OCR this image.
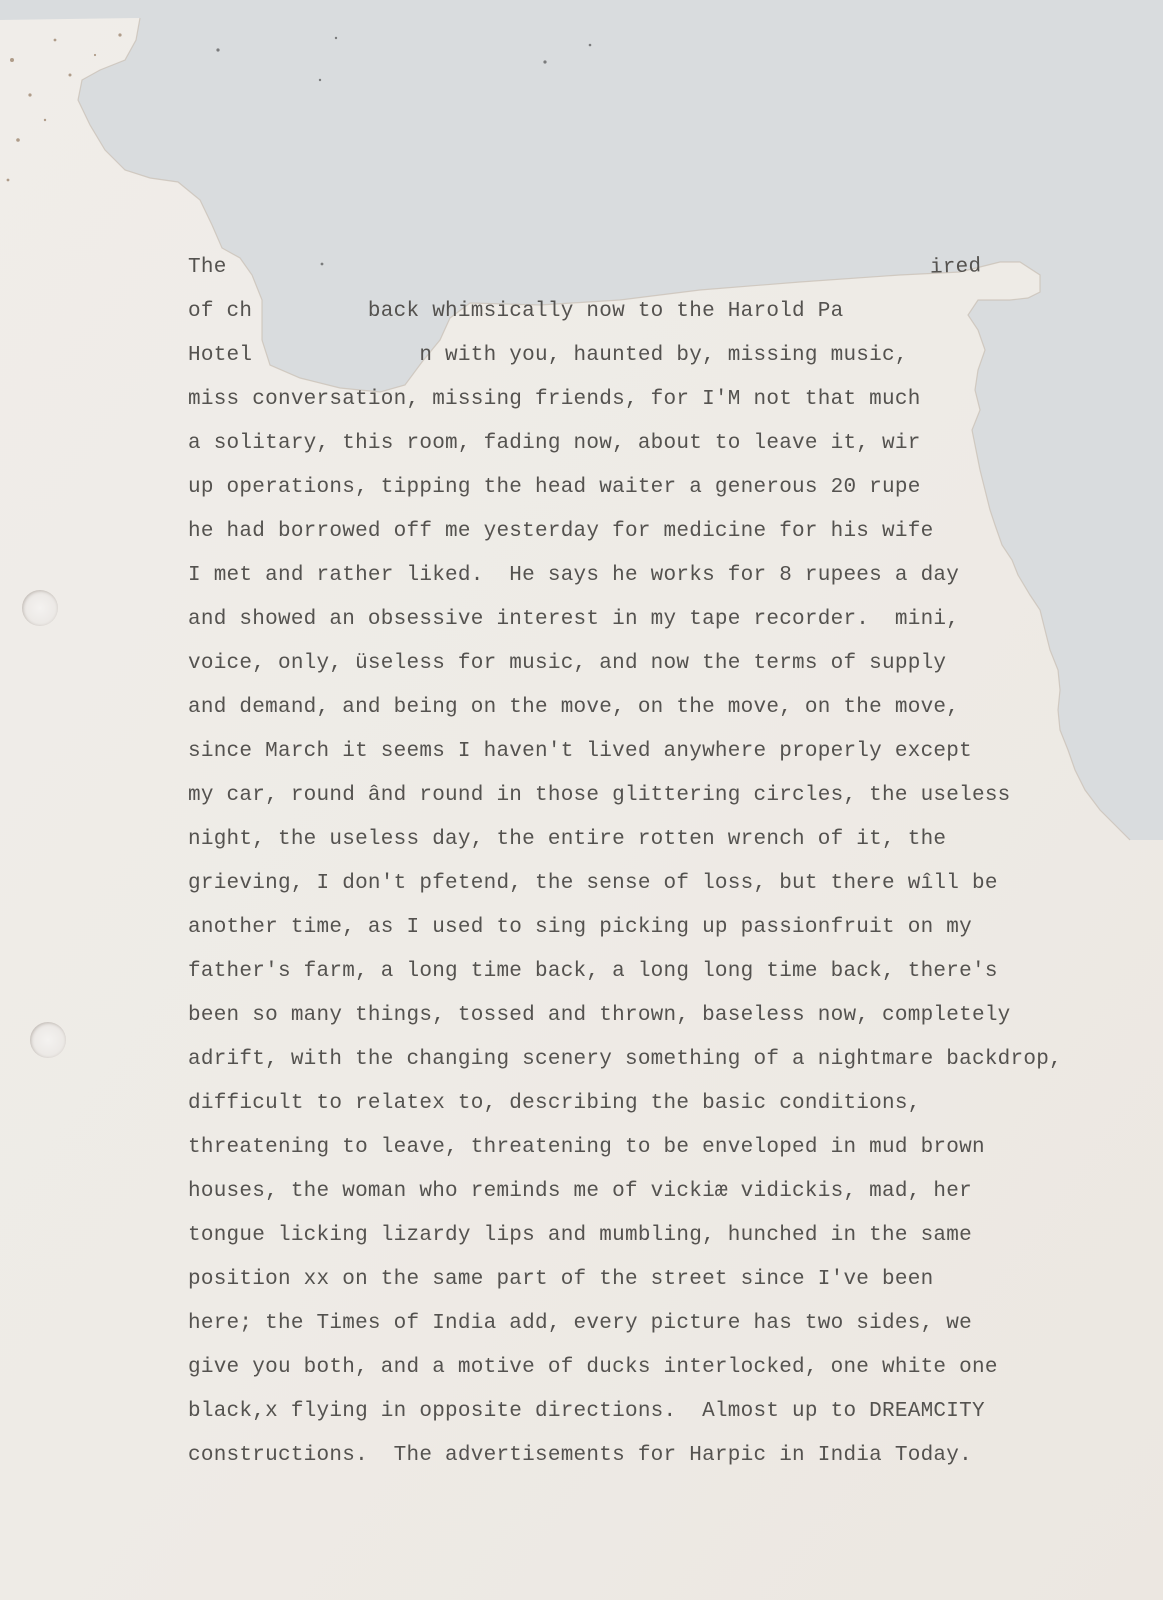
The	ired
of ch         back whimsically now to the Harold Pa
Hotel             n with you, haunted by, missing music,
miss conversation, missing friends, for I'M not that much
a solitary, this room, fading now, about to leave it, wir
up operations, tipping the head waiter a generous 20 rupe
he had borrowed off me yesterday for medicine for his wife
I met and rather liked.  He says he works for 8 rupees a day
and showed an obsessive interest in my tape recorder.  mini,
voice, only, üseless for music, and now the terms of supply
and demand, and being on the move, on the move, on the move,
since March it seems I haven't lived anywhere properly except
my car, round ând round in those glittering circles, the useless
night, the useless day, the entire rotten wrench of it, the
grieving, I don't pfetend, the sense of loss, but there wîll be
another time, as I used to sing picking up passionfruit on my
father's farm, a long time back, a long long time back, there's
been so many things, tossed and thrown, baseless now, completely
adrift, with the changing scenery something of a nightmare backdrop,
difficult to relatex to, describing the basic conditions,
threatening to leave, threatening to be enveloped in mud brown
houses, the woman who reminds me of vickiæ vidickis, mad, her
tongue licking lizardy lips and mumbling, hunched in the same
position xx on the same part of the street since I've been
here; the Times of India add, every picture has two sides, we
give you both, and a motive of ducks interlocked, one white one
black,x flying in opposite directions.  Almost up to DREAMCITY
constructions.  The advertisements for Harpic in India Today.
